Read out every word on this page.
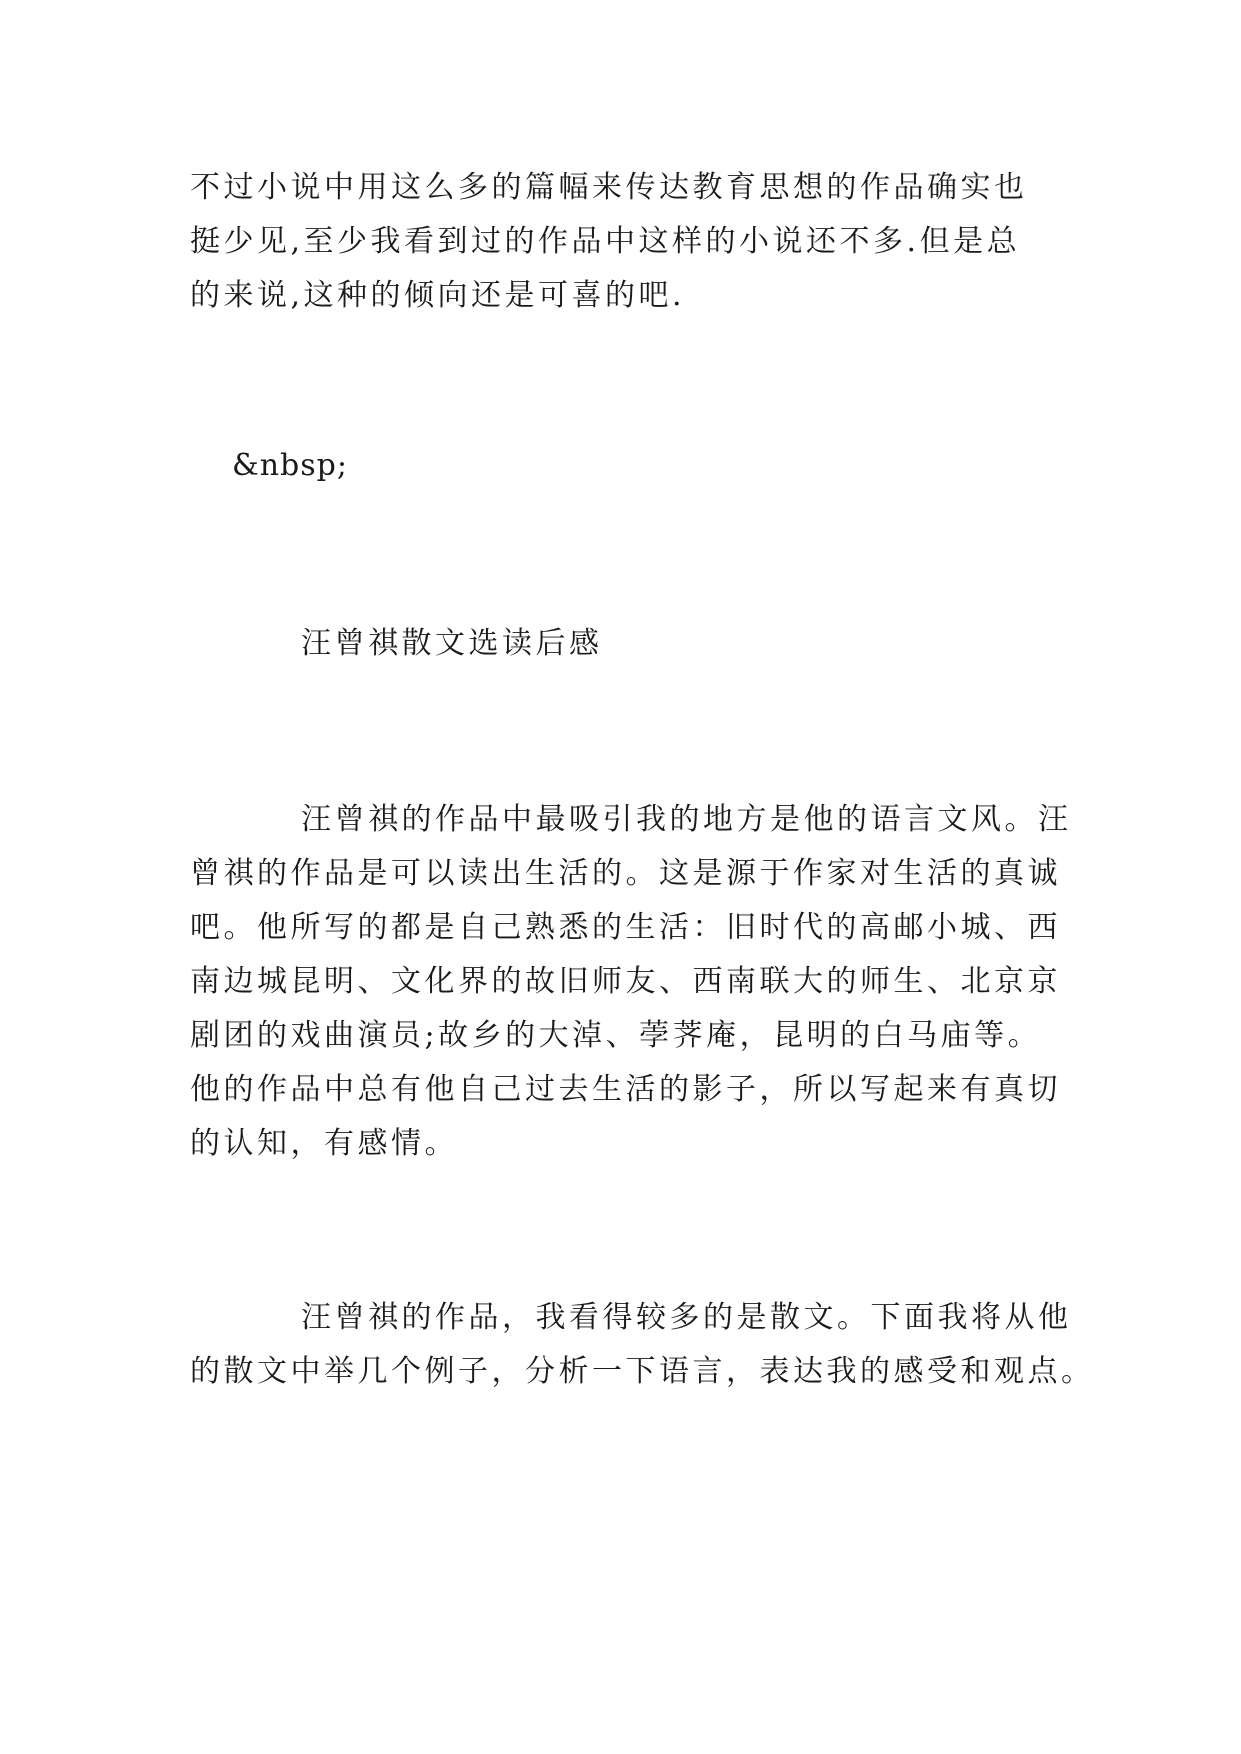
不过小说中用这么多的篇幅来传达教育思想的作品确实也
挺少见,至少我看到过的作品中这样的小说还不多.但是总
的来说,这种的倾向还是可喜的吧.
&nbsp;
汪曾祺散文选读后感
汪曾祺的作品中最吸引我的地方是他的语言文风。汪
曾祺的作品是可以读出生活的。这是源于作家对生活的真诚
吧。他所写的都是自己熟悉的生活：旧时代的高邮小城、西
南边城昆明、文化界的故旧师友、西南联大的师生、北京京
剧团的戏曲演员;故乡的大淖、荸荠庵，昆明的白马庙等。
他的作品中总有他自己过去生活的影子，所以写起来有真切
的认知，有感情。
汪曾祺的作品，我看得较多的是散文。下面我将从他
的散文中举几个例子，分析一下语言，表达我的感受和观点。
